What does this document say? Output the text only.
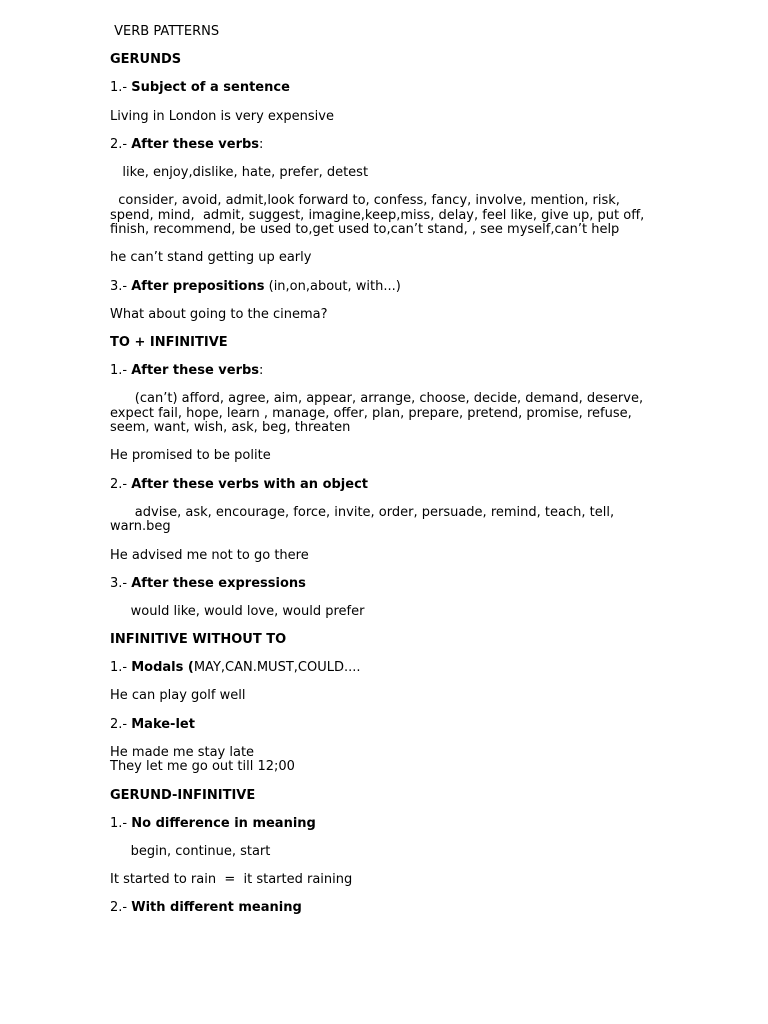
VERB PATTERNS
GERUNDS
1.- Subject of a sentence
Living in London is very expensive
2.- After these verbs:
like, enjoy,dislike, hate, prefer, detest
consider, avoid, admit,look forward to, confess, fancy, involve, mention, risk,
spend, mind,  admit, suggest, imagine,keep,miss, delay, feel like, give up, put off,
finish, recommend, be used to,get used to,can’t stand, , see myself,can’t help
he can’t stand getting up early
3.- After prepositions (in,on,about, with...)
What about going to the cinema?
TO + INFINITIVE
1.- After these verbs:
(can’t) afford, agree, aim, appear, arrange, choose, decide, demand, deserve,
expect fail, hope, learn , manage, offer, plan, prepare, pretend, promise, refuse,
seem, want, wish, ask, beg, threaten
He promised to be polite
2.- After these verbs with an object
advise, ask, encourage, force, invite, order, persuade, remind, teach, tell,
warn.beg
He advised me not to go there
3.- After these expressions
would like, would love, would prefer
INFINITIVE WITHOUT TO
1.- Modals (MAY,CAN.MUST,COULD....
He can play golf well
2.- Make-let
He made me stay late
They let me go out till 12;00
GERUND-INFINITIVE
1.- No difference in meaning
begin, continue, start
It started to rain  =  it started raining
2.- With different meaning
